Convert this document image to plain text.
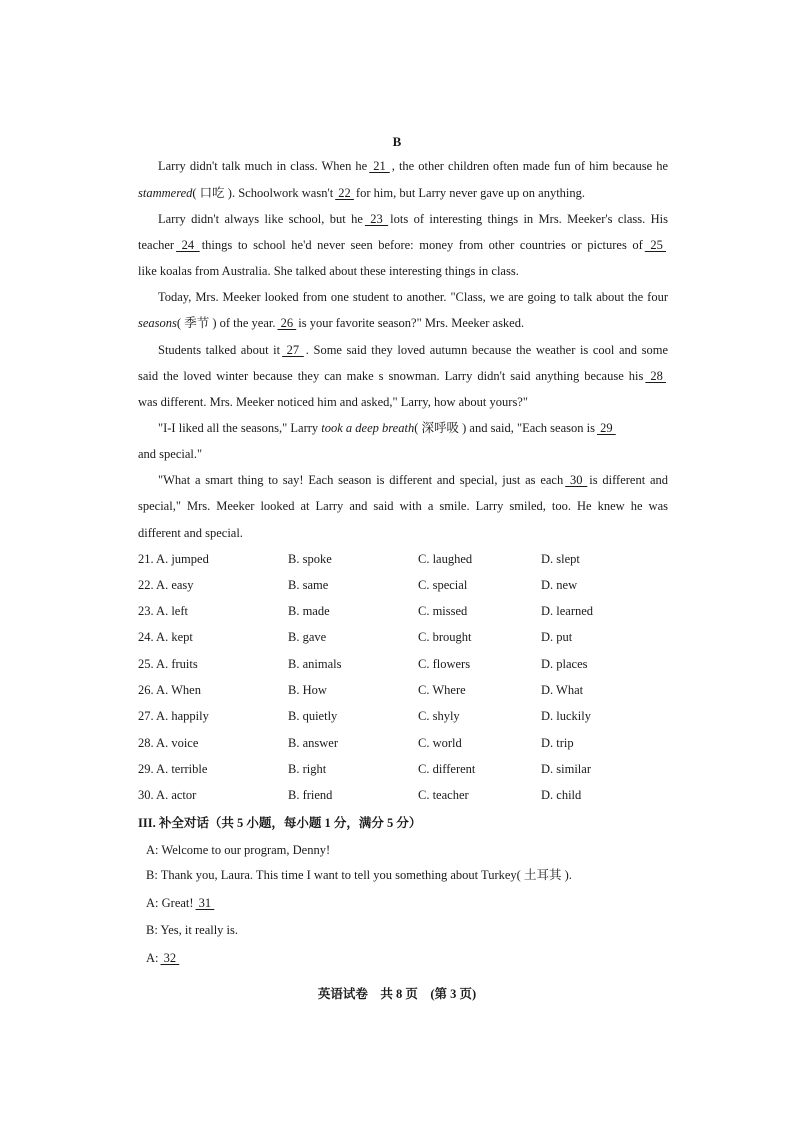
B
Larry didn't talk much in class. When he 21 , the other children often made fun of him because he
stammered( 口吃 ). Schoolwork wasn't 22 for him, but Larry never gave up on anything.
Larry didn't always like school, but he 23 lots of interesting things in Mrs. Meeker's class. His
teacher 24 things to school he'd never seen before: money from other countries or pictures of 25
like koalas from Australia. She talked about these interesting things in class.
Today, Mrs. Meeker looked from one student to another. "Class, we are going to talk about the four
seasons( 季节 ) of the year. 26 is your favorite season?" Mrs. Meeker asked.
Students talked about it 27 . Some said they loved autumn because the weather is cool and some
said the loved winter because they can make s snowman. Larry didn't said anything because his 28
was different. Mrs. Meeker noticed him and asked," Larry, how about yours?"
"I-I liked all the seasons," Larry took a deep breath( 深呼吸 ) and said, "Each season is 29
and special."
"What a smart thing to say! Each season is different and special, just as each 30 is different and
special," Mrs. Meeker looked at Larry and said with a smile. Larry smiled, too. He knew he was
different and special.
21. A. jumped	B. spoke	C. laughed	D. slept
22. A. easy	B. same	C. special	D. new
23. A. left	B. made	C. missed	D. learned
24. A. kept	B. gave	C. brought	D. put
25. A. fruits	B. animals	C. flowers	D. places
26. A. When	B. How	C. Where	D. What
27. A. happily	B. quietly	C. shyly	D. luckily
28. A. voice	B. answer	C. world	D. trip
29. A. terrible	B. right	C. different	D. similar
30. A. actor	B. friend	C. teacher	D. child
III. 补全对话（共 5 小题，每小题 1 分，满分 5 分）
A: Welcome to our program, Denny!
B: Thank you, Laura. This time I want to tell you something about Turkey( 土耳其 ).
A: Great! 31
B: Yes, it really is.
A: 32
英语试卷    共 8 页    (第 3 页)
